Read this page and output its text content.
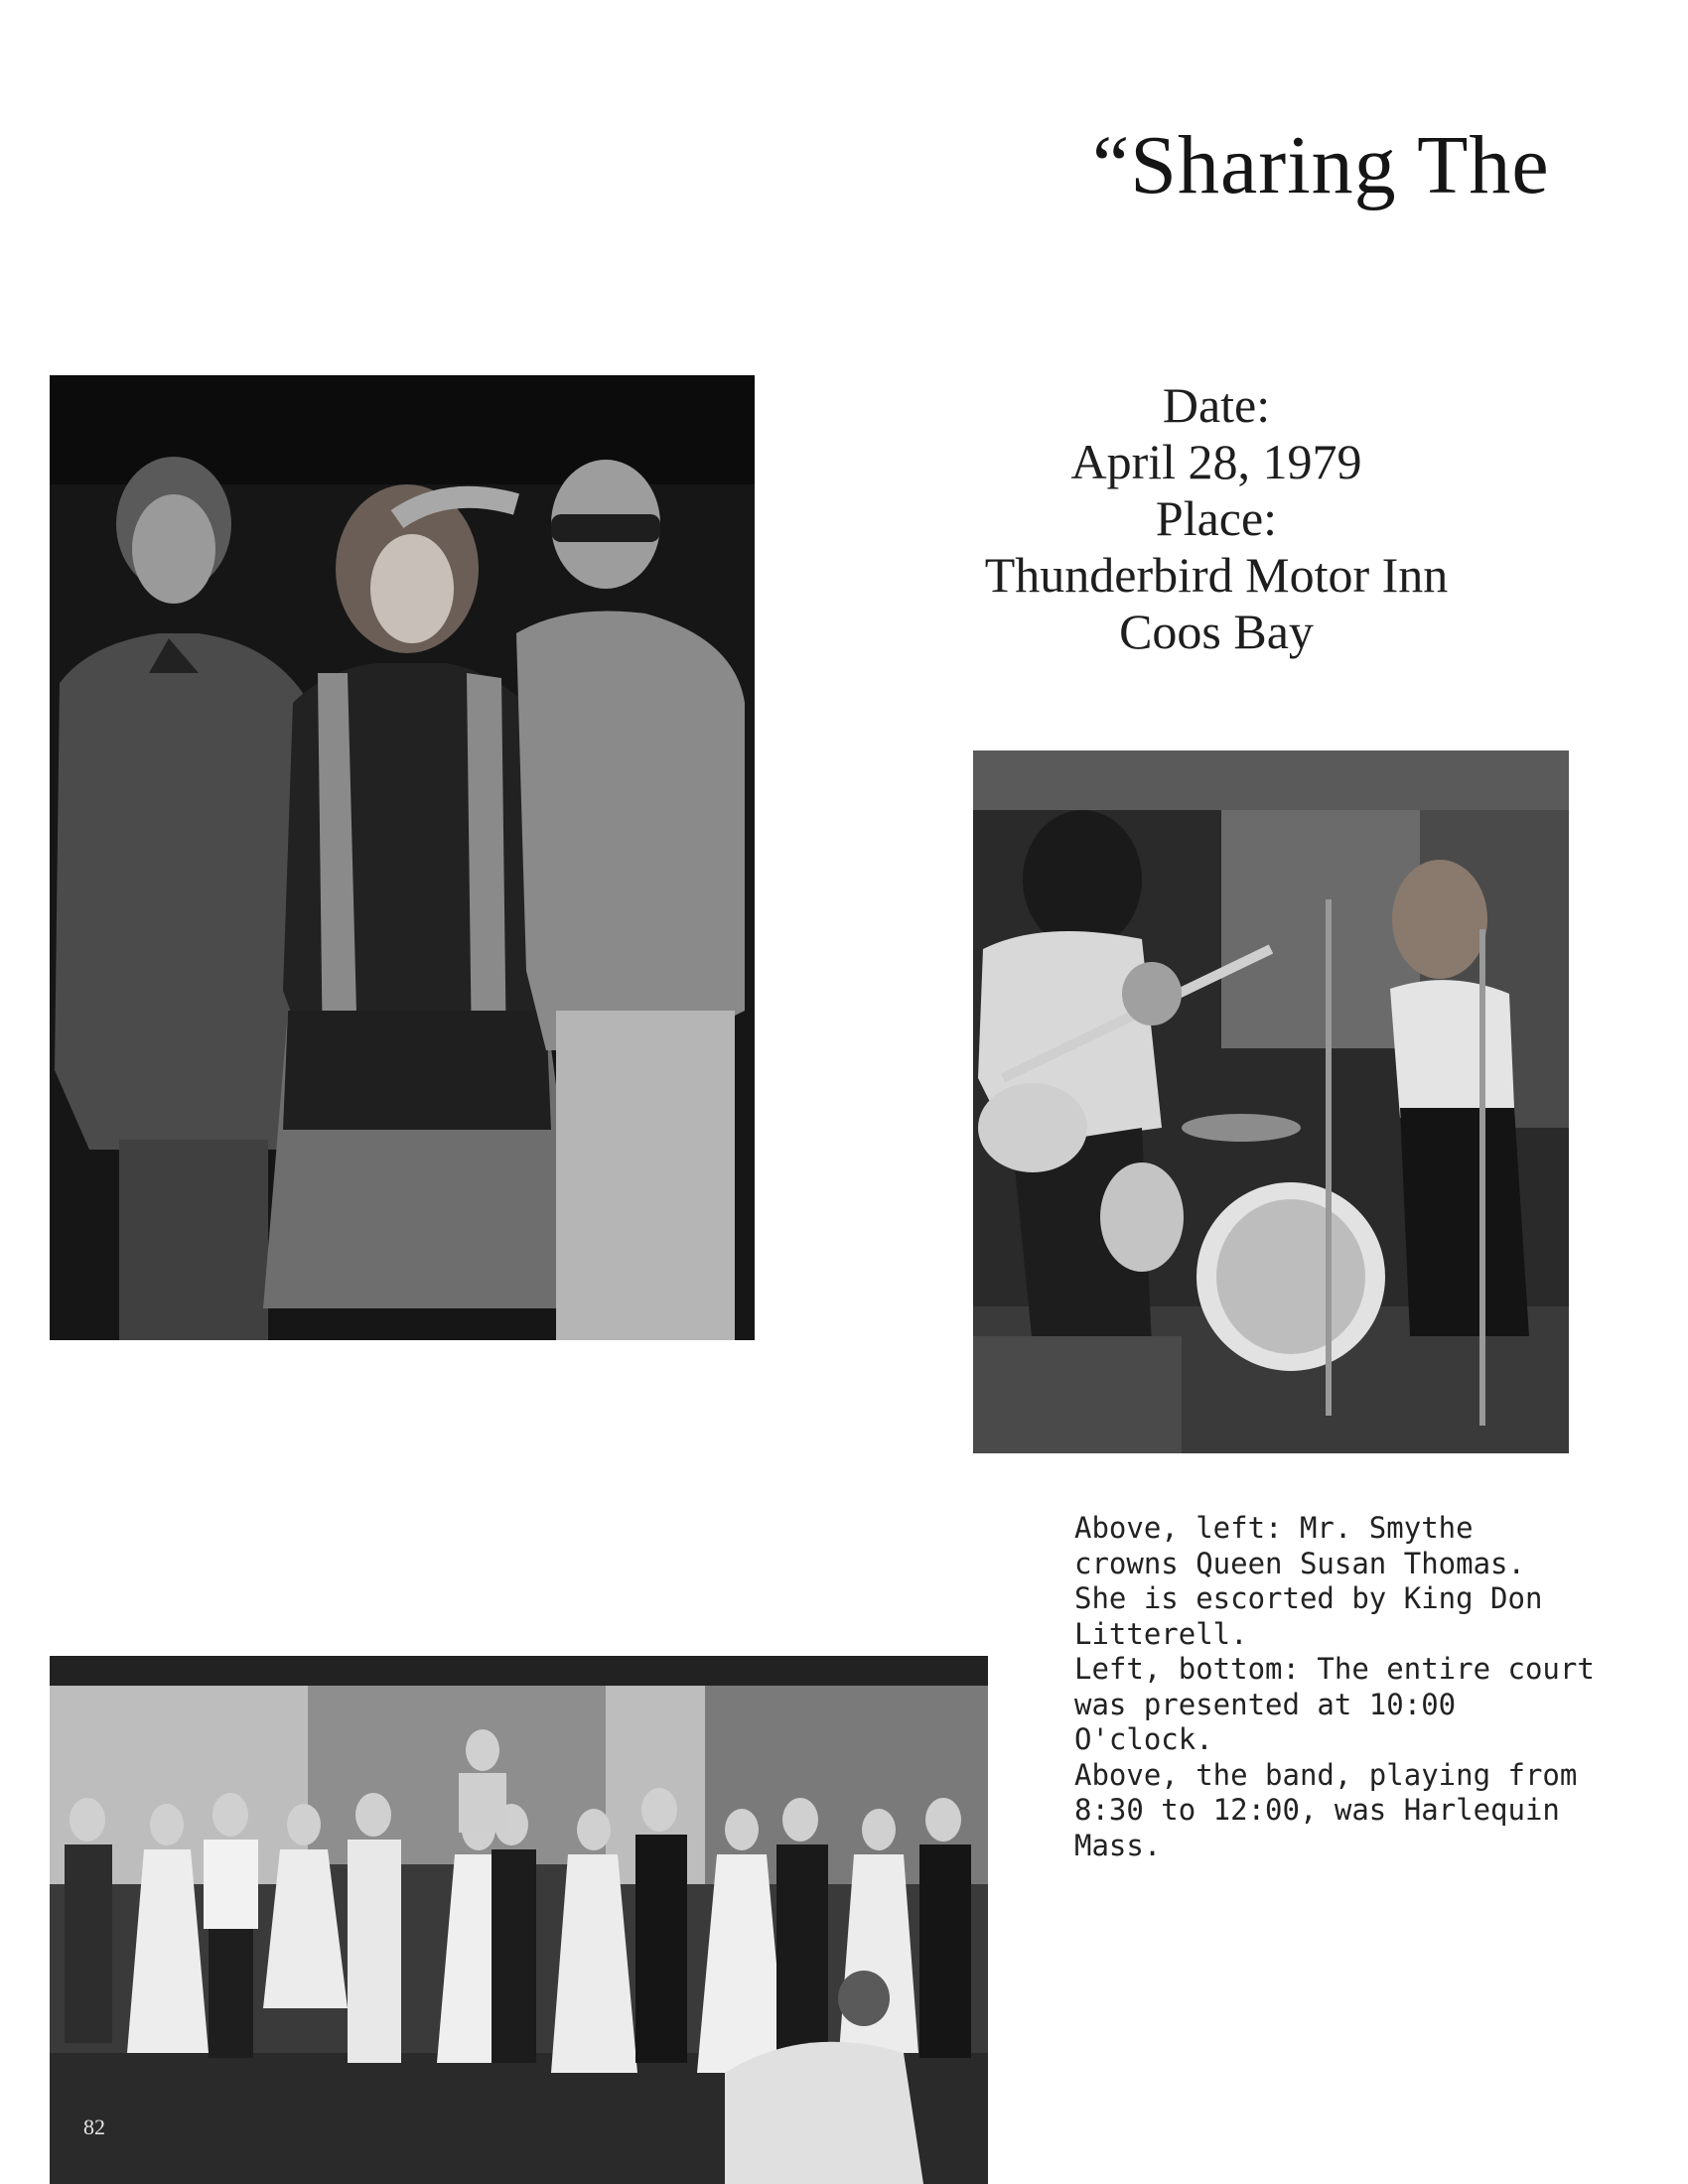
“Sharing The
Date:
April 28, 1979
Place:
Thunderbird Motor Inn
Coos Bay
Above, left: Mr. Smythe
crowns Queen Susan Thomas.
She is escorted by King Don
Litterell.
Left, bottom: The entire court
was presented at 10:00
O'clock.
Above, the band, playing from
8:30 to 12:00, was Harlequin
Mass.
82
